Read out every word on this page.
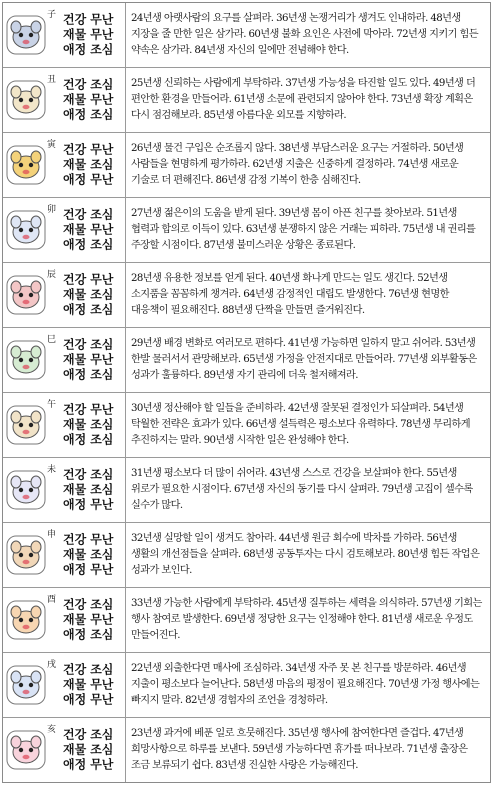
子 건강 무난
재물 무난
애정 조심
24년생 아랫사람의 요구를 살펴라. 36년생 논쟁거리가 생겨도 인내하라. 48년생 지장을 줄 만한 일은 삼가라. 60년생 불화 요인은 사전에 막아라. 72년생 지키기 힘든 약속은 삼가라. 84년생 자신의 일에만 전념해야 한다.
丑 건강 조심
재물 무난
애정 조심
25년생 신뢰하는 사람에게 부탁하라. 37년생 가능성을 타진할 일도 있다. 49년생 더 편안한 환경을 만들어라. 61년생 소문에 관련되지 않아야 한다. 73년생 확장 계획은 다시 점검해보라. 85년생 아름다운 외모를 지향하라.
寅 건강 무난
재물 조심
애정 무난
26년생 물건 구입은 순조롭지 않다. 38년생 부담스러운 요구는 거절하라. 50년생 사람들을 현명하게 평가하라. 62년생 지출은 신중하게 결정하라. 74년생 새로운 기술로 더 편해진다. 86년생 감정 기복이 한층 심해진다.
卯 건강 조심
재물 무난
애정 조심
27년생 젊은이의 도움을 받게 된다. 39년생 몸이 아픈 친구를 찾아보라. 51년생 협력과 합의로 이득이 있다. 63년생 분쟁하지 않은 거래는 피하라. 75년생 내 권리를 주장할 시점이다. 87년생 불미스러운 상황은 종료된다.
辰 건강 무난
재물 조심
애정 조심
28년생 유용한 정보를 얻게 된다. 40년생 화나게 만드는 일도 생긴다. 52년생 소지품을 꼼꼼하게 챙겨라. 64년생 감정적인 대립도 발생한다. 76년생 현명한 대응책이 필요해진다. 88년생 단짝을 만들면 즐거워진다.
巳 건강 조심
재물 무난
애정 조심
29년생 배경 변화로 여러모로 편하다. 41년생 가능하면 일하지 말고 쉬어라. 53년생 한발 물러서서 관망해보라. 65년생 가정을 안전지대로 만들어라. 77년생 외부활동은 성과가 훌륭하다. 89년생 자기 관리에 더욱 철저해져라.
午 건강 무난
재물 조심
애정 조심
30년생 정산해야 할 일들을 준비하라. 42년생 잘못된 결정인가 되살펴라. 54년생 탁월한 전략은 효과가 있다. 66년생 설득력은 평소보다 유력하다. 78년생 무리하게 추진하지는 말라. 90년생 시작한 일은 완성해야 한다.
未 건강 조심
재물 조심
애정 무난
31년생 평소보다 더 많이 쉬어라. 43년생 스스로 건강을 보살펴야 한다. 55년생 위로가 필요한 시점이다. 67년생 자신의 동기를 다시 살펴라. 79년생 고집이 셀수록 실수가 많다.
申 건강 무난
재물 조심
애정 무난
32년생 실망할 일이 생겨도 참아라. 44년생 원금 회수에 박차를 가하라. 56년생 생활의 개선점들을 살펴라. 68년생 공동투자는 다시 검토해보라. 80년생 힘든 작업은 성과가 보인다.
酉 건강 조심
재물 무난
애정 조심
33년생 가능한 사람에게 부탁하라. 45년생 질투하는 세력을 의식하라. 57년생 기회는 행사 참여로 발생한다. 69년생 정당한 요구는 인정해야 한다. 81년생 새로운 우정도 만들어진다.
戌 건강 조심
재물 무난
애정 무난
22년생 외출한다면 매사에 조심하라. 34년생 자주 못 본 친구를 방문하라. 46년생 지출이 평소보다 늘어난다. 58년생 마음의 평정이 필요해진다. 70년생 가정 행사에는 빠지지 말라. 82년생 경험자의 조언을 경청하라.
亥 건강 조심
재물 조심
애정 무난
23년생 과거에 베푼 일로 흐뭇해진다. 35년생 행사에 참여한다면 즐겁다. 47년생 희망사항으로 하루를 보낸다. 59년생 가능하다면 휴가를 떠나보라. 71년생 출장은 조금 보류되기 쉽다. 83년생 진실한 사랑은 가능해진다.
